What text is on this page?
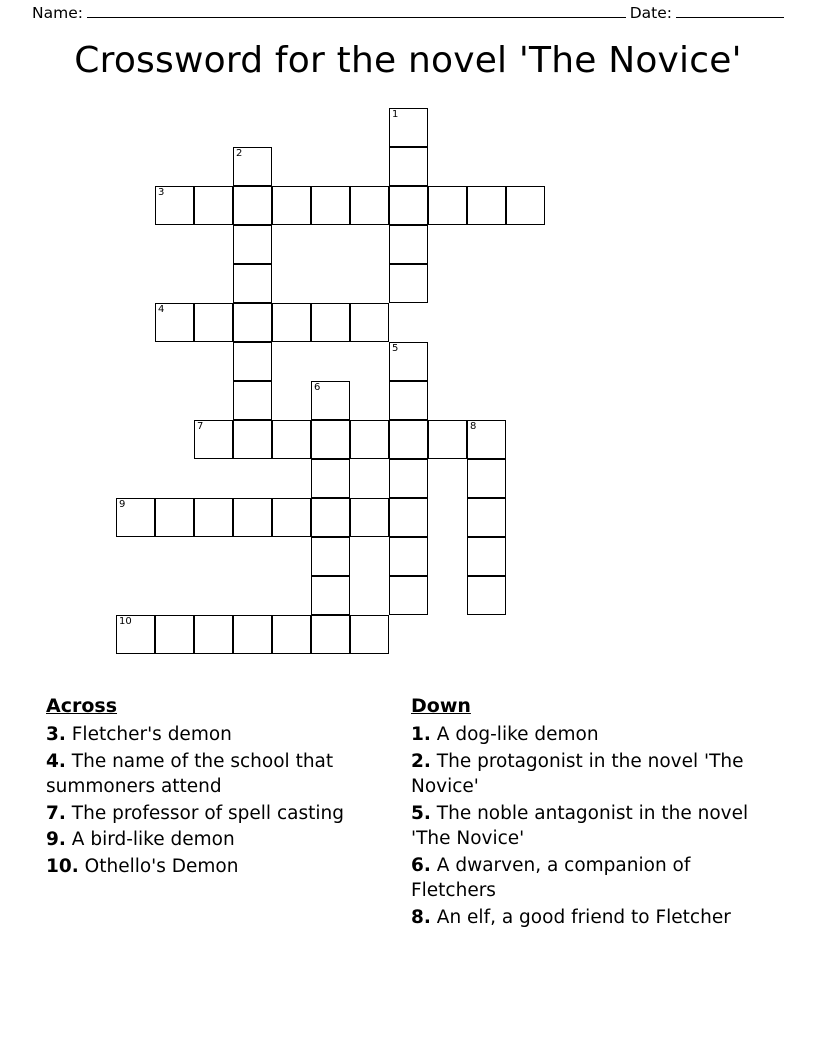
Name:	Date:
Crossword for the novel 'The Novice'
1
2
3
4
5
6
7	8
9
10
Across
3. Fletcher's demon
4. The name of the school that summoners attend
7. The professor of spell casting
9. A bird-like demon
10. Othello's Demon
Down
1. A dog-like demon
2. The protagonist in the novel 'The Novice'
5. The noble antagonist in the novel 'The Novice'
6. A dwarven, a companion of Fletchers
8. An elf, a good friend to Fletcher
